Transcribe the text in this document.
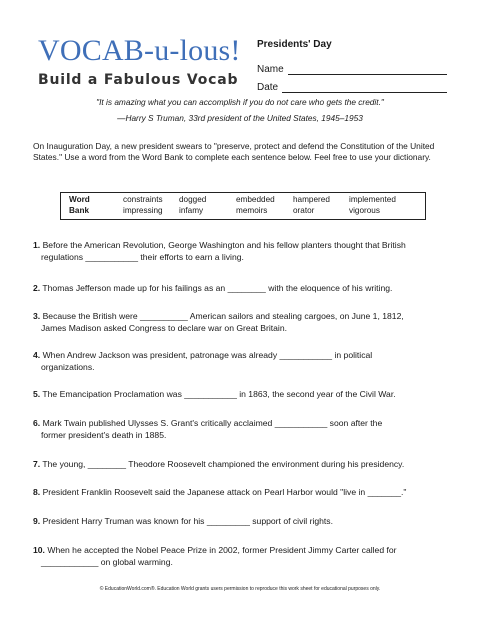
VOCAB-u-lous!
Build a Fabulous Vocab
Presidents' Day
Name
Date
"It is amazing what you can accomplish if you do not care who gets the credit."
—Harry S Truman, 33rd president of the United States, 1945–1953
On Inauguration Day, a new president swears to "preserve, protect and defend the Constitution of the United States." Use a word from the Word Bank to complete each sentence below. Feel free to use your dictionary.
Word
Bank
constraints
impressing
dogged
infamy
embedded
memoirs
hampered
orator
implemented
vigorous
1. Before the American Revolution, George Washington and his fellow planters thought that British
regulations ___________ their efforts to earn a living.
2. Thomas Jefferson made up for his failings as an ________ with the eloquence of his writing.
3. Because the British were __________ American sailors and stealing cargoes, on June 1, 1812,
James Madison asked Congress to declare war on Great Britain.
4. When Andrew Jackson was president, patronage was already ___________ in political
organizations.
5. The Emancipation Proclamation was ___________ in 1863, the second year of the Civil War.
6. Mark Twain published Ulysses S. Grant's critically acclaimed ___________ soon after the
former president's death in 1885.
7. The young, ________ Theodore Roosevelt championed the environment during his presidency.
8. President Franklin Roosevelt said the Japanese attack on Pearl Harbor would "live in _______."
9. President Harry Truman was known for his _________ support of civil rights.
10. When he accepted the Nobel Peace Prize in 2002, former President Jimmy Carter called for
____________ on global warming.
© EducationWorld.com®. Education World grants users permission to reproduce this work sheet for educational purposes only.
